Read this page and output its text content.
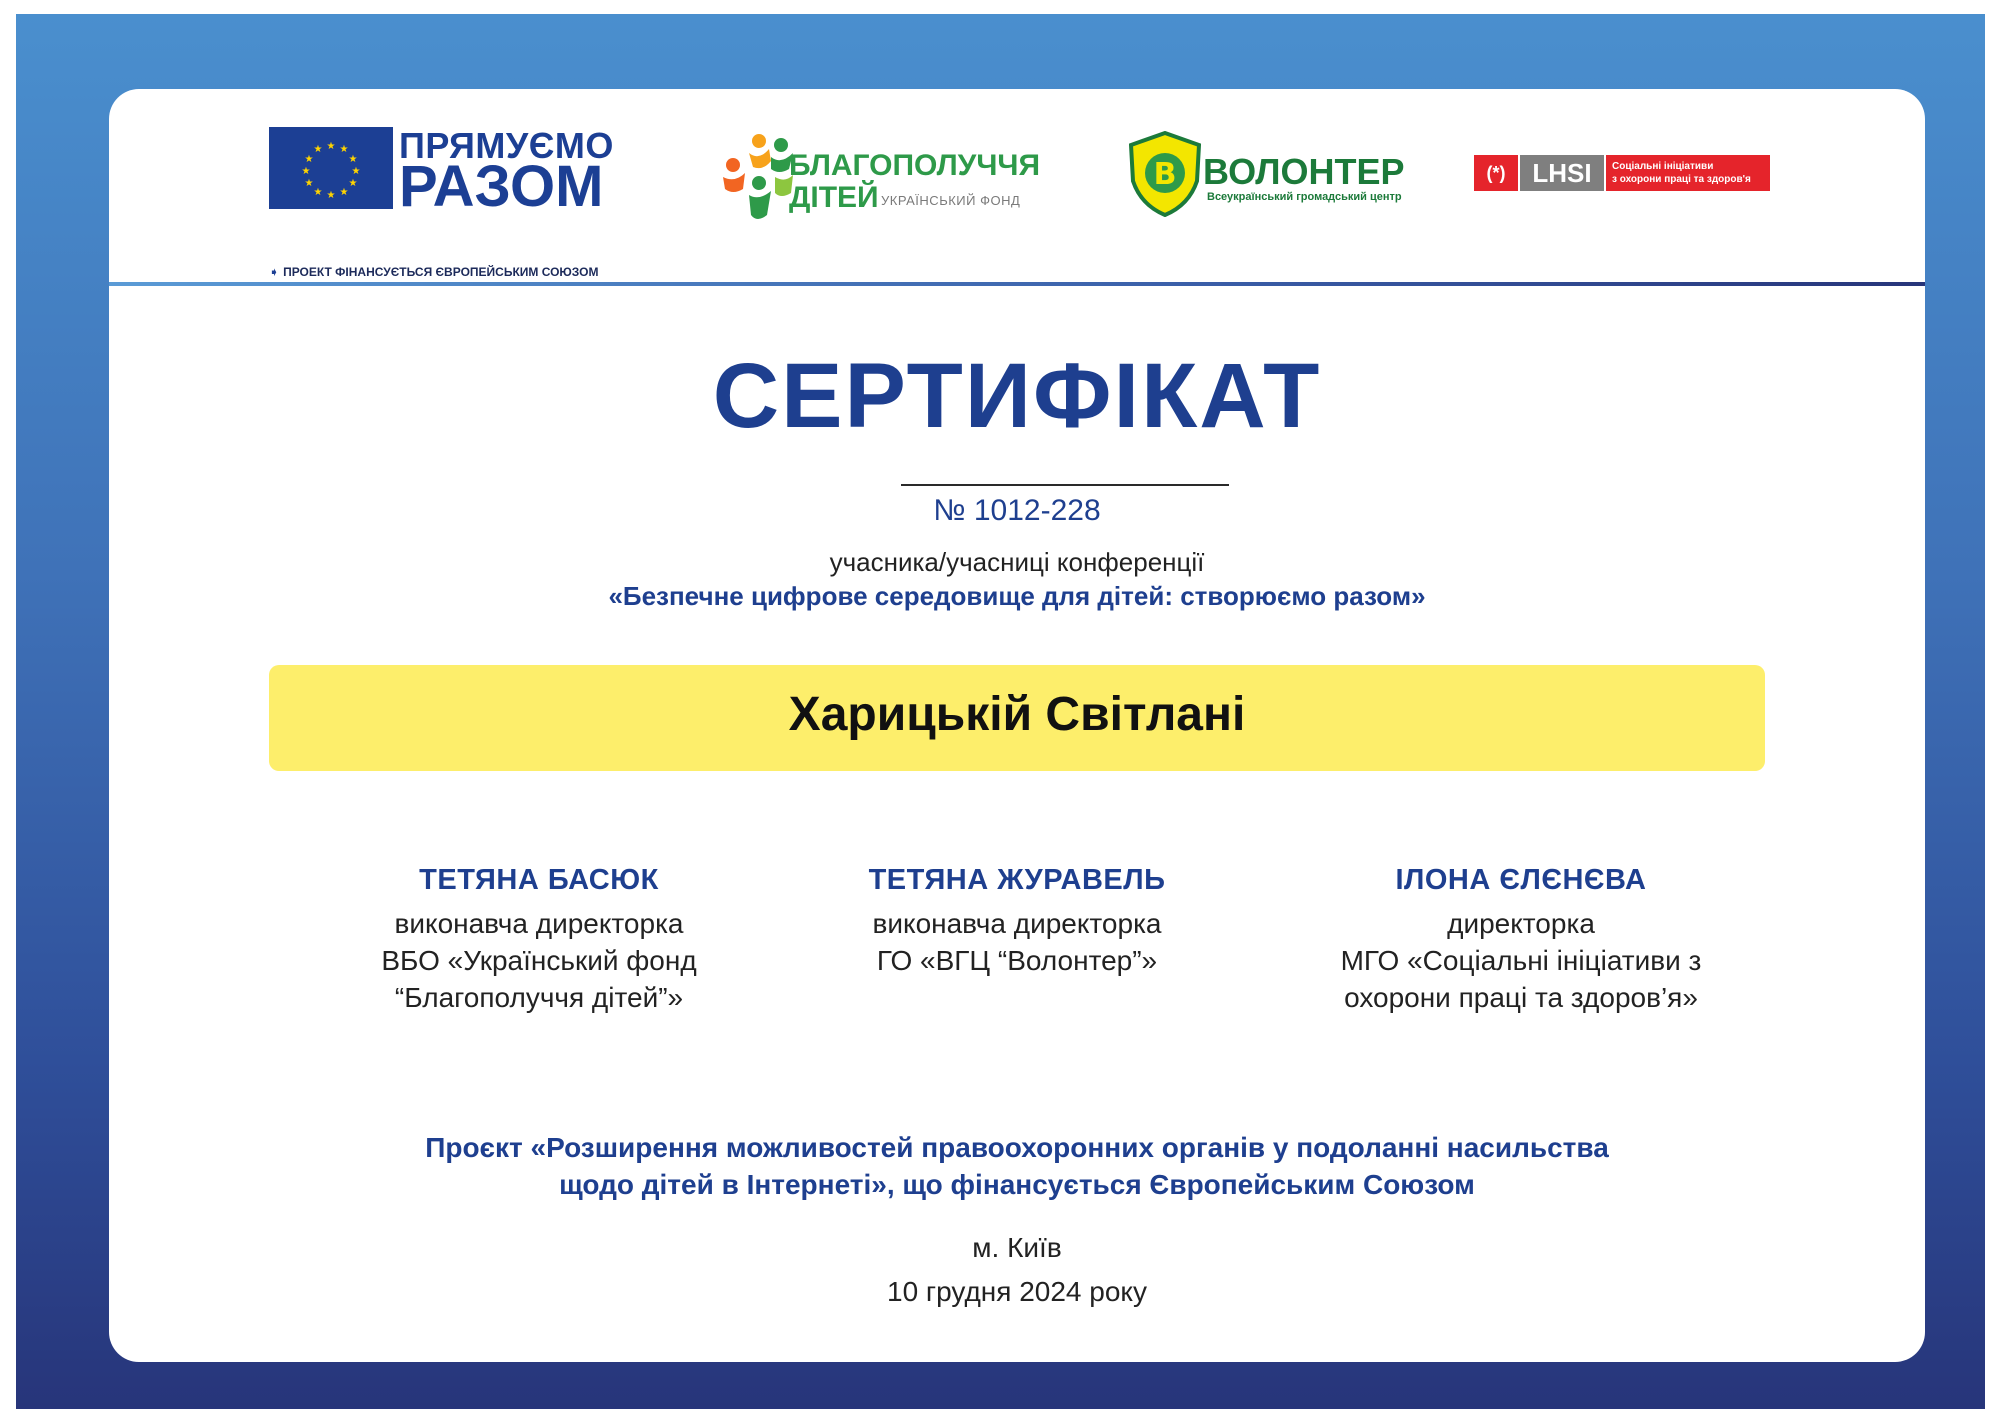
★ ★
★
★
★
★
★
★
★
★
★
★ ПРЯМУЄМО
РАЗОМ
➧ ПРОЕКТ ФІНАНСУЄТЬСЯ ЄВРОПЕЙСЬКИМ СОЮЗОМ
БЛАГОПОЛУЧЧЯ
ДІТЕЙ УКРАЇНСЬКИЙ ФОНД
В ВОЛОНТЕР
Всеукраїнський громадський центр
(*)	LHSI	Соціальні ініціативи
з охорони праці та здоров'я
СЕРТИФІКАТ
№ 1012-228
учасника/учасниці конференції
«Безпечне цифрове середовище для дітей: створюємо разом»
Харицькій Світлані
ТЕТЯНА БАСЮК
виконавча директорка
ВБО «Український фонд
“Благополуччя дітей”»
ТЕТЯНА ЖУРАВЕЛЬ
виконавча директорка
ГО «ВГЦ “Волонтер”»
ІЛОНА ЄЛЄНЄВА
директорка
МГО «Соціальні ініціативи з
охорони праці та здоров’я»
Проєкт «Розширення можливостей правоохоронних органів у подоланні насильства
щодо дітей в Інтернеті», що фінансується Європейським Союзом
м. Київ
10 грудня 2024 року
